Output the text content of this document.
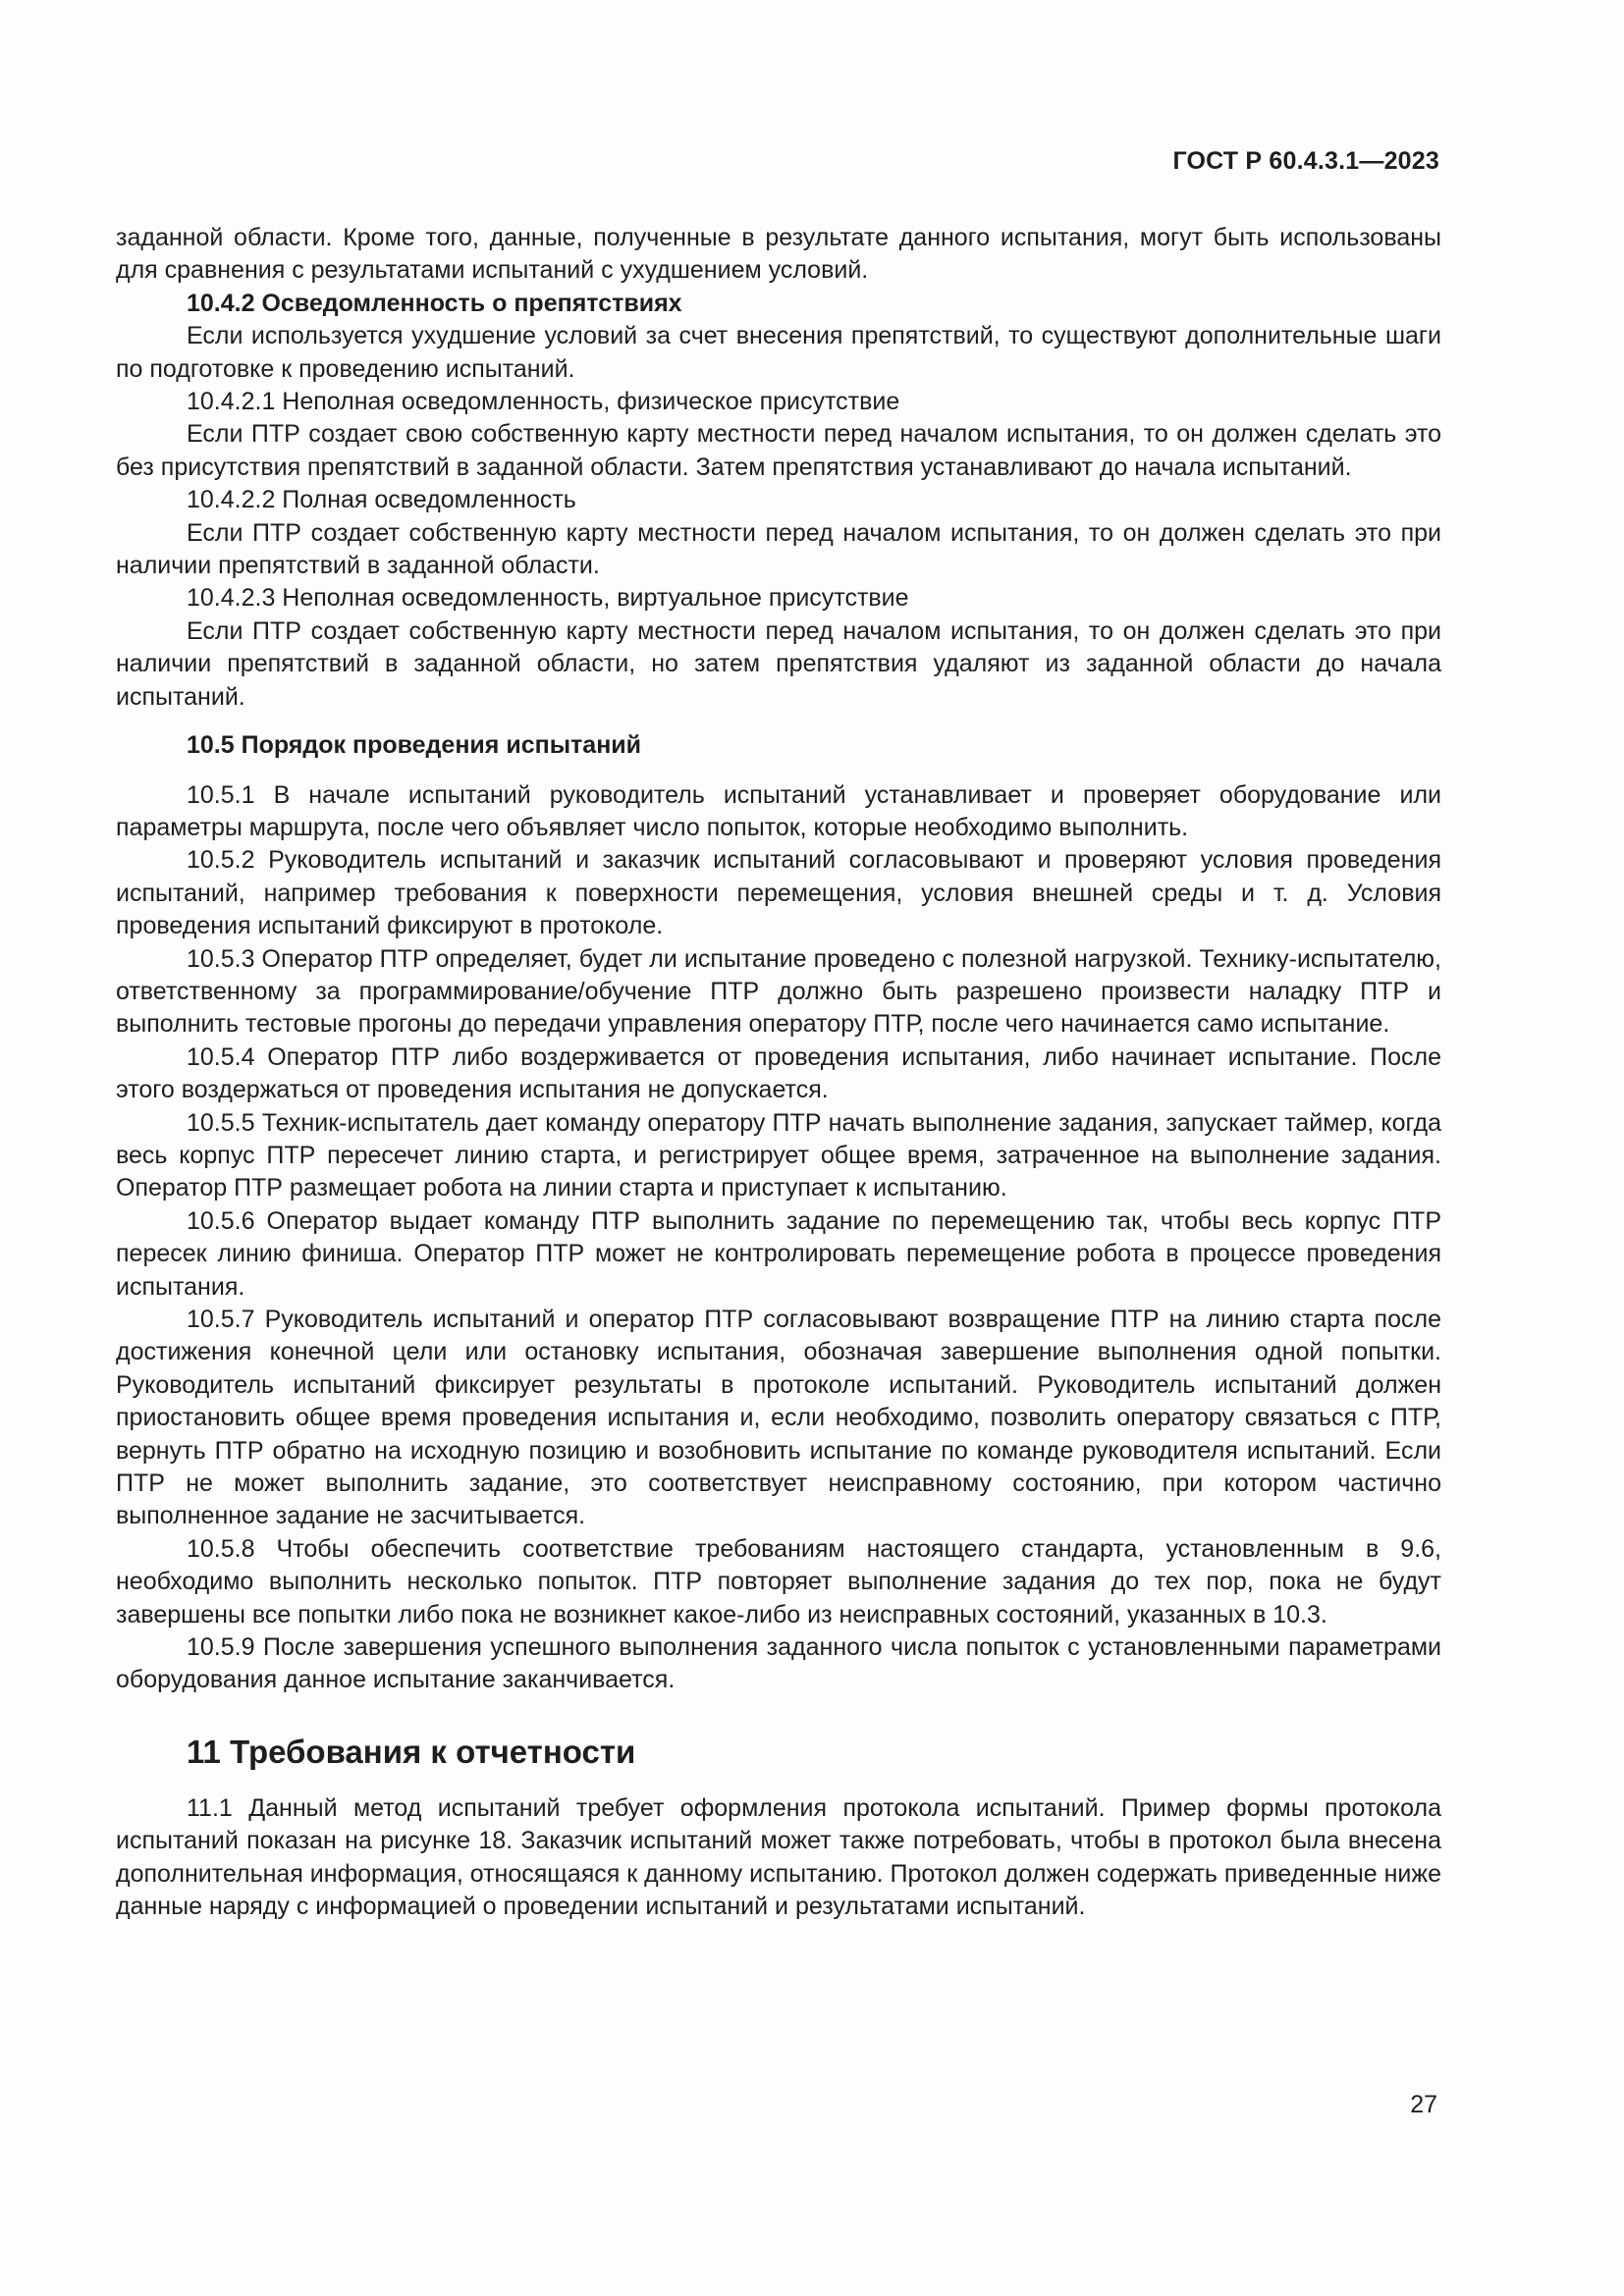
ГОСТ Р 60.4.3.1—2023

заданной области. Кроме того, данные, полученные в результате данного испытания, могут быть использованы для сравнения с результатами испытаний с ухудшением условий.

10.4.2 Осведомленность о препятствиях

Если используется ухудшение условий за счет внесения препятствий, то существуют дополнительные шаги по подготовке к проведению испытаний.

10.4.2.1 Неполная осведомленность, физическое присутствие

Если ПТР создает свою собственную карту местности перед началом испытания, то он должен сделать это без присутствия препятствий в заданной области. Затем препятствия устанавливают до начала испытаний.

10.4.2.2 Полная осведомленность

Если ПТР создает собственную карту местности перед началом испытания, то он должен сделать это при наличии препятствий в заданной области.

10.4.2.3 Неполная осведомленность, виртуальное присутствие

Если ПТР создает собственную карту местности перед началом испытания, то он должен сделать это при наличии препятствий в заданной области, но затем препятствия удаляют из заданной области до начала испытаний.

10.5 Порядок проведения испытаний

10.5.1 В начале испытаний руководитель испытаний устанавливает и проверяет оборудование или параметры маршрута, после чего объявляет число попыток, которые необходимо выполнить.

10.5.2 Руководитель испытаний и заказчик испытаний согласовывают и проверяют условия проведения испытаний, например требования к поверхности перемещения, условия внешней среды и т. д. Условия проведения испытаний фиксируют в протоколе.

10.5.3 Оператор ПТР определяет, будет ли испытание проведено с полезной нагрузкой. Технику-испытателю, ответственному за программирование/обучение ПТР должно быть разрешено произвести наладку ПТР и выполнить тестовые прогоны до передачи управления оператору ПТР, после чего начинается само испытание.

10.5.4 Оператор ПТР либо воздерживается от проведения испытания, либо начинает испытание. После этого воздержаться от проведения испытания не допускается.

10.5.5 Техник-испытатель дает команду оператору ПТР начать выполнение задания, запускает таймер, когда весь корпус ПТР пересечет линию старта, и регистрирует общее время, затраченное на выполнение задания. Оператор ПТР размещает робота на линии старта и приступает к испытанию.

10.5.6 Оператор выдает команду ПТР выполнить задание по перемещению так, чтобы весь корпус ПТР пересек линию финиша. Оператор ПТР может не контролировать перемещение робота в процессе проведения испытания.

10.5.7 Руководитель испытаний и оператор ПТР согласовывают возвращение ПТР на линию старта после достижения конечной цели или остановку испытания, обозначая завершение выполнения одной попытки. Руководитель испытаний фиксирует результаты в протоколе испытаний. Руководитель испытаний должен приостановить общее время проведения испытания и, если необходимо, позволить оператору связаться с ПТР, вернуть ПТР обратно на исходную позицию и возобновить испытание по команде руководителя испытаний. Если ПТР не может выполнить задание, это соответствует неисправному состоянию, при котором частично выполненное задание не засчитывается.

10.5.8 Чтобы обеспечить соответствие требованиям настоящего стандарта, установленным в 9.6, необходимо выполнить несколько попыток. ПТР повторяет выполнение задания до тех пор, пока не будут завершены все попытки либо пока не возникнет какое-либо из неисправных состояний, указанных в 10.3.

10.5.9 После завершения успешного выполнения заданного числа попыток с установленными параметрами оборудования данное испытание заканчивается.

11 Требования к отчетности

11.1 Данный метод испытаний требует оформления протокола испытаний. Пример формы протокола испытаний показан на рисунке 18. Заказчик испытаний может также потребовать, чтобы в протокол была внесена дополнительная информация, относящаяся к данному испытанию. Протокол должен содержать приведенные ниже данные наряду с информацией о проведении испытаний и результатами испытаний.

27
